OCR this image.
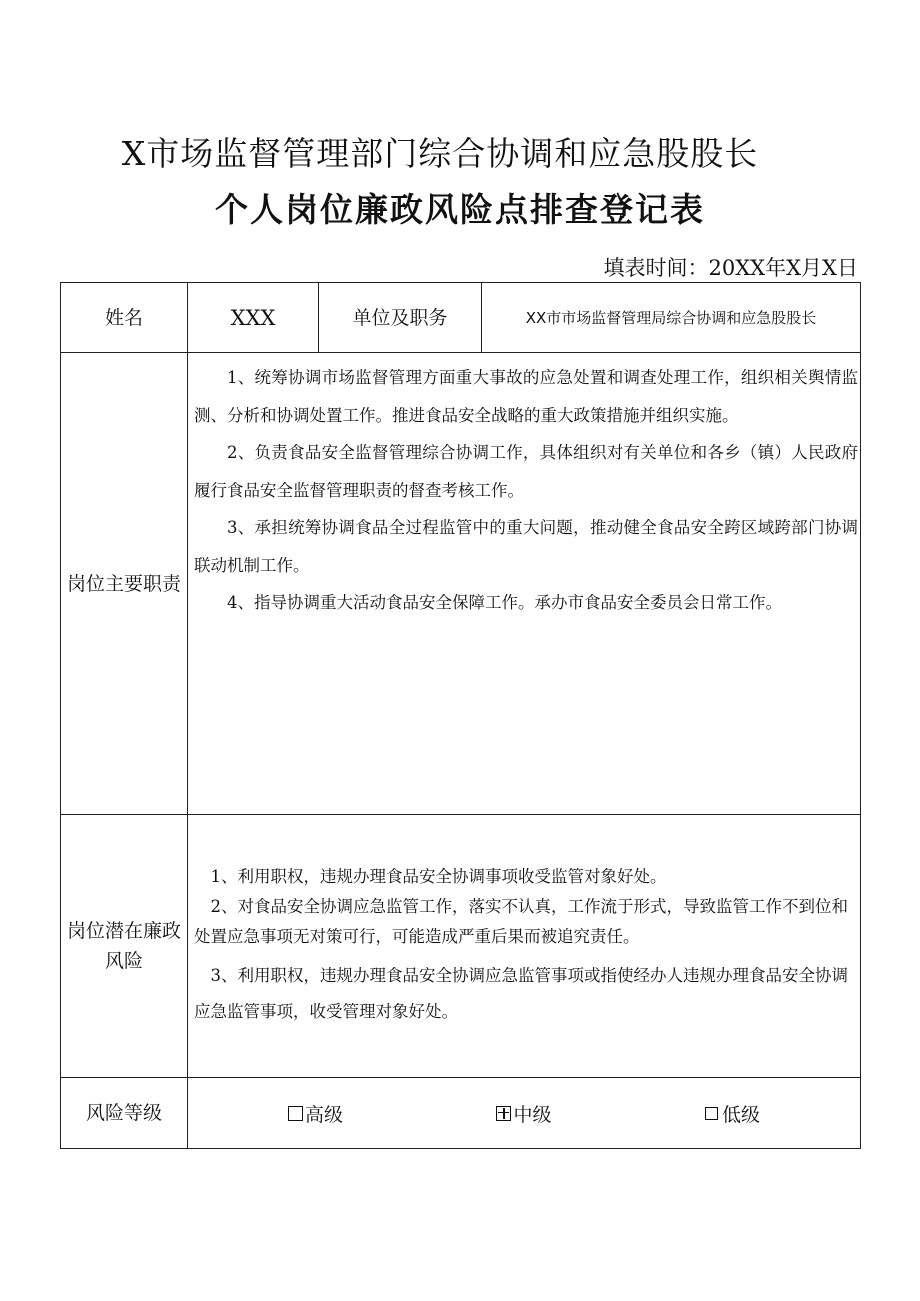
X市场监督管理部门综合协调和应急股股长
个人岗位廉政风险点排查登记表
填表时间：20XX年X月X日
姓名	XXX	单位及职务	XX市市场监督管理局综合协调和应急股股长
岗位主要职责	1、统筹协调市场监督管理方面重大事故的应急处置和调查处理工作，组织相关舆情监测、分析和协调处置工作。推进食品安全战略的重大政策措施并组织实施。

2、负责食品安全监督管理综合协调工作，具体组织对有关单位和各乡（镇）人民政府履行食品安全监督管理职责的督查考核工作。

3、承担统筹协调食品全过程监管中的重大问题，推动健全食品安全跨区域跨部门协调联动机制工作。

4、指导协调重大活动食品安全保障工作。承办市食品安全委员会日常工作。		

岗位潜在廉政风险	1、利用职权，违规办理食品安全协调事项收受监管对象好处。

2、对食品安全协调应急监管工作，落实不认真，工作流于形式，导致监管工作不到位和处置应急事项无对策可行，可能造成严重后果而被追究责任。

3、利用职权，违规办理食品安全协调应急监管事项或指使经办人违规办理食品安全协调应急监管事项，收受管理对象好处。		

风险等级	高级 中级 低级		
